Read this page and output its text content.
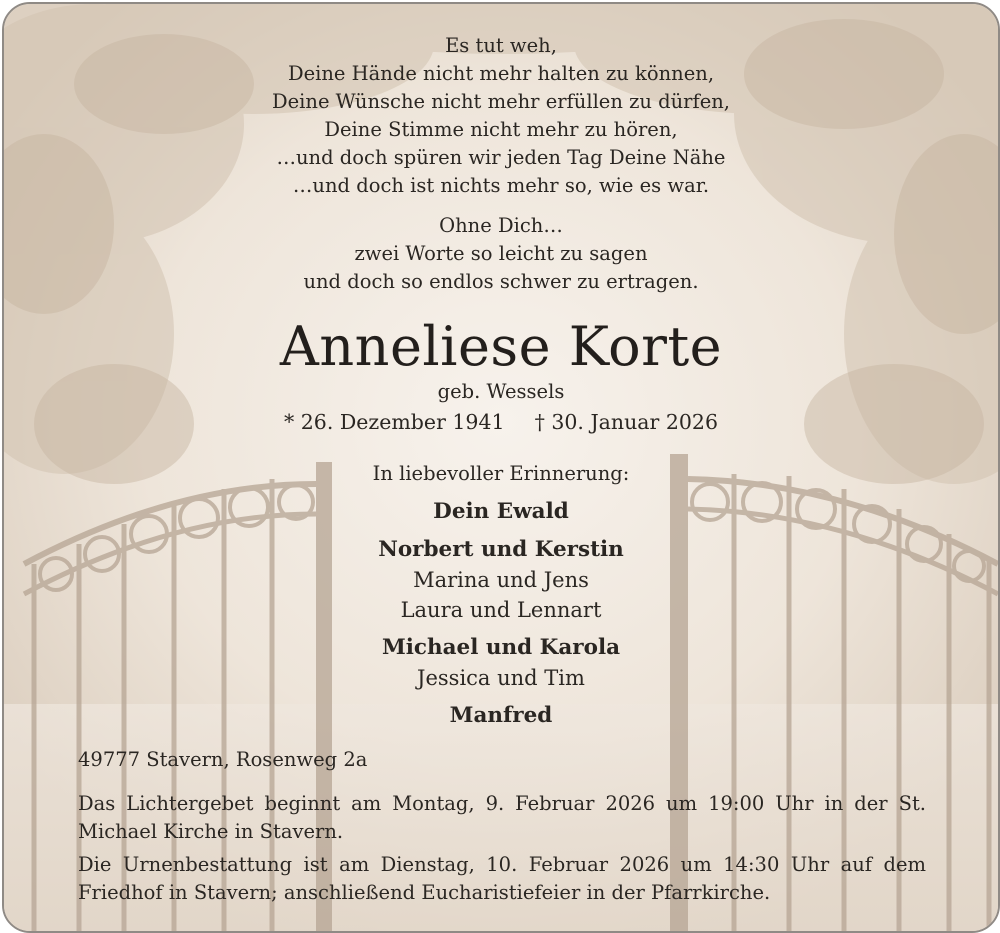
Es tut weh,
Deine Hände nicht mehr halten zu können,
Deine Wünsche nicht mehr erfüllen zu dürfen,
Deine Stimme nicht mehr zu hören,
…und doch spüren wir jeden Tag Deine Nähe
…und doch ist nichts mehr so, wie es war.
Ohne Dich…
zwei Worte so leicht zu sagen
und doch so endlos schwer zu ertragen.
Anneliese Korte
geb. Wessels
* 26. Dezember 1941 † 30. Januar 2026
In liebevoller Erinnerung:
Dein Ewald
Norbert und Kerstin
Marina und Jens
Laura und Lennart
Michael und Karola
Jessica und Tim
Manfred
49777 Stavern, Rosenweg 2a
Das Lichtergebet beginnt am Montag, 9. Februar 2026 um 19:00 Uhr in der St. Michael Kirche in Stavern.
Die Urnenbestattung ist am Dienstag, 10. Februar 2026 um 14:30 Uhr auf dem Friedhof in Stavern; anschließend Eucharistiefeier in der Pfarrkirche.
